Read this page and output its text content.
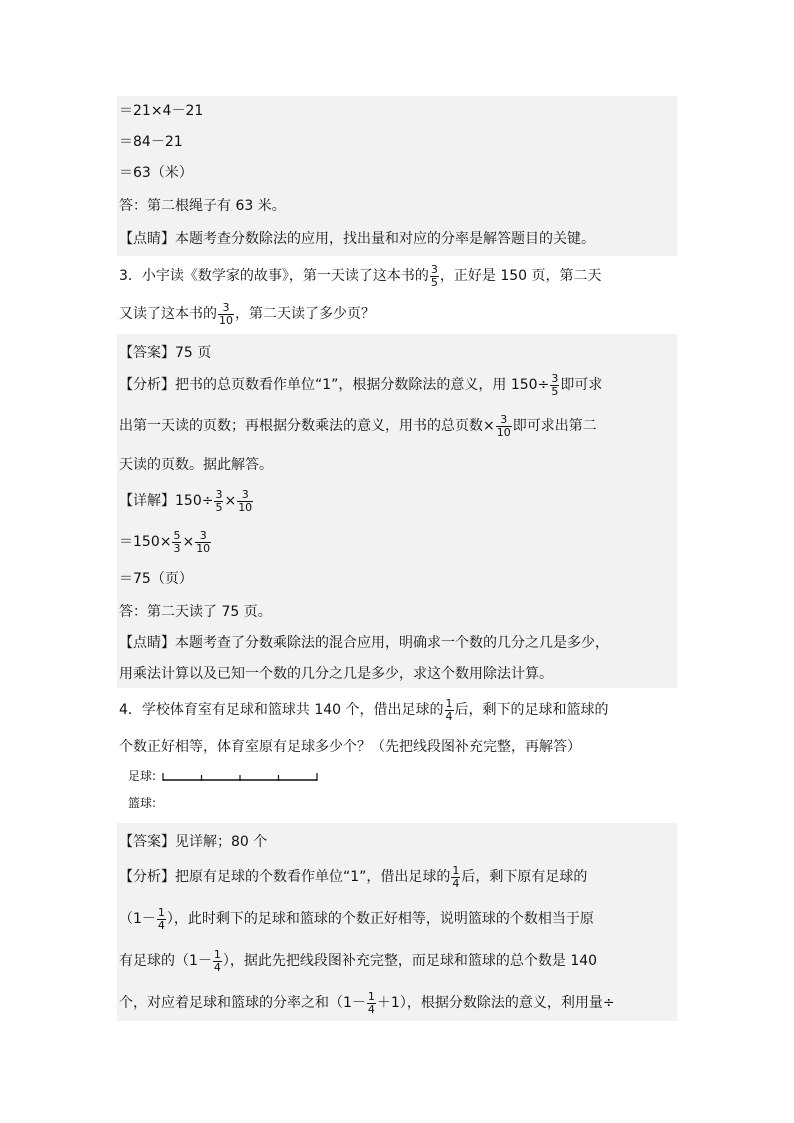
＝21×4－21
＝84－21
＝63（米）
答：第二根绳子有 63 米。
【点睛】本题考查分数除法的应用，找出量和对应的分率是解答题目的关键。
3．小宇读《数学家的故事》，第一天读了这本书的 $\frac{3}{5}$ ，正好是 150 页，第二天
又读了这本书的 $\frac{3}{10}$ ，第二天读了多少页？
【答案】75 页
【分析】把书的总页数看作单位“1”，根据分数除法的意义，用 $150\div \frac{3}{5}$ 即可求
出第一天读的页数；再根据分数乘法的意义，用书的总页数× $\frac{3}{10}$ 即可求出第二
天读的页数。据此解答。
【详解】$150\div \frac{3}{5} \times \frac{3}{10}$
$=150\times \frac{5}{3} \times \frac{3}{10}$
＝75（页）
答：第二天读了 75 页。
【点睛】本题考查了分数乘除法的混合应用，明确求一个数的几分之几是多少，
用乘法计算以及已知一个数的几分之几是多少，求这个数用除法计算。
4．学校体育室有足球和篮球共 140 个，借出足球的 $\frac{1}{4}$ 后，剩下的足球和篮球的
个数正好相等，体育室原有足球多少个？（先把线段图补充完整，再解答）
足球:
篮球:
【答案】见详解；80 个
【分析】把原有足球的个数看作单位“1”，借出足球的 $\frac{1}{4}$ 后，剩下原有足球的
（$1- \frac{1}{4}$ ），此时剩下的足球和篮球的个数正好相等，说明篮球的个数相当于原
有足球的（$1- \frac{1}{4}$ ），据此先把线段图补充完整，而足球和篮球的总个数是 140
个，对应着足球和篮球的分率之和$(1- \frac{1}{4} +1)$，根据分数除法的意义，利用量÷
